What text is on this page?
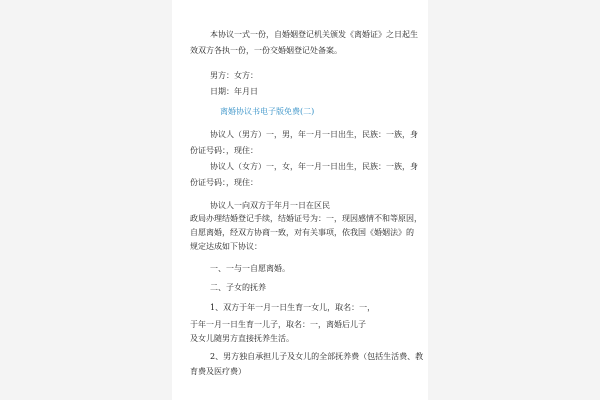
本协议一式一份，自婚姻登记机关颁发《离婚证》之日起生
效双方各执一份，一份交婚姻登记处备案。
男方：女方：
日期：年月日
离婚协议书电子版免费(二)
协议人（男方）一，男，年一月一日出生，民族：一族，身
份证号码：，现住：
协议人（女方）一，女，年一月一日出生，民族：一族，身
份证号码：，现住：
协议人一向双方于年月一日在区民
政局办理结婚登记手续，结婚证号为：一，现因感情不和等原因，
自愿离婚，经双方协商一致，对有关事项，依我国《婚姻法》的
规定达成如下协议：
一、一与一自愿离婚。
二、子女的抚养
1、双方于年一月一日生育一女儿，取名：一，
于年一月一日生育一儿子，取名：一，离婚后儿子
及女儿随男方直接抚养生活。
2、男方独自承担儿子及女儿的全部抚养费（包括生活费、教
育费及医疗费）
